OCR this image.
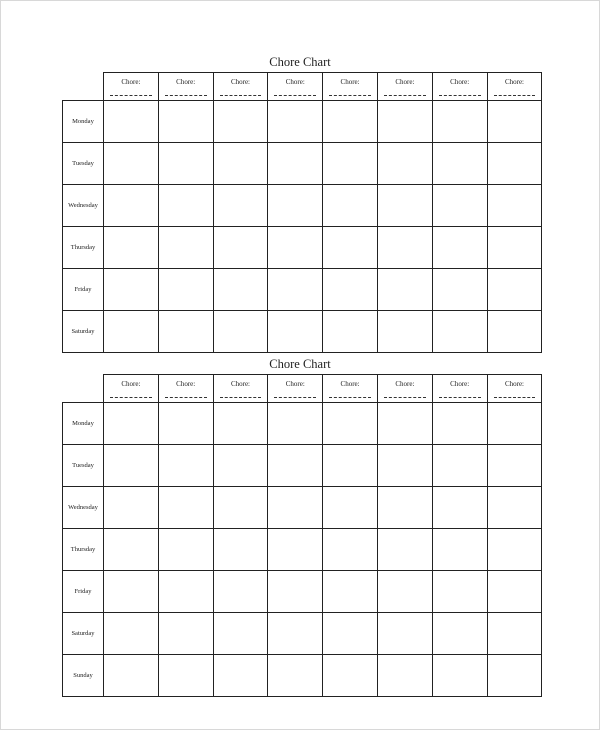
Chore Chart
Chore:	Chore:	Chore:	Chore:	Chore:	Chore:	Chore:	Chore:
Monday
Tuesday
Wednesday
Thursday
Friday
Saturday
Chore Chart
Chore:	Chore:	Chore:	Chore:	Chore:	Chore:	Chore:	Chore:
Monday
Tuesday
Wednesday
Thursday
Friday
Saturday
Sunday
